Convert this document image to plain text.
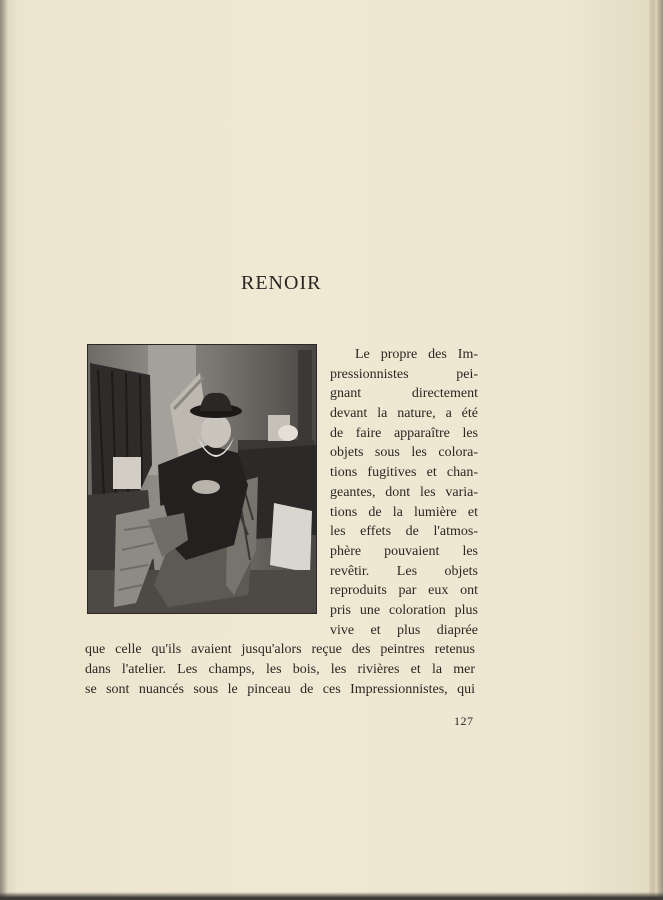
RENOIR
Le propre des Im-
pressionnistes pei-
gnant directement
devant la nature, a été
de faire apparaître les
objets sous les colora-
tions fugitives et chan-
geantes, dont les varia-
tions de la lumière et
les effets de l'atmos-
phère pouvaient les
revêtir. Les objets
reproduits par eux ont
pris une coloration plus
vive et plus diaprée
que celle qu'ils avaient jusqu'alors reçue des peintres retenus
dans l'atelier. Les champs, les bois, les rivières et la mer
se sont nuancés sous le pinceau de ces Impressionnistes, qui
127
